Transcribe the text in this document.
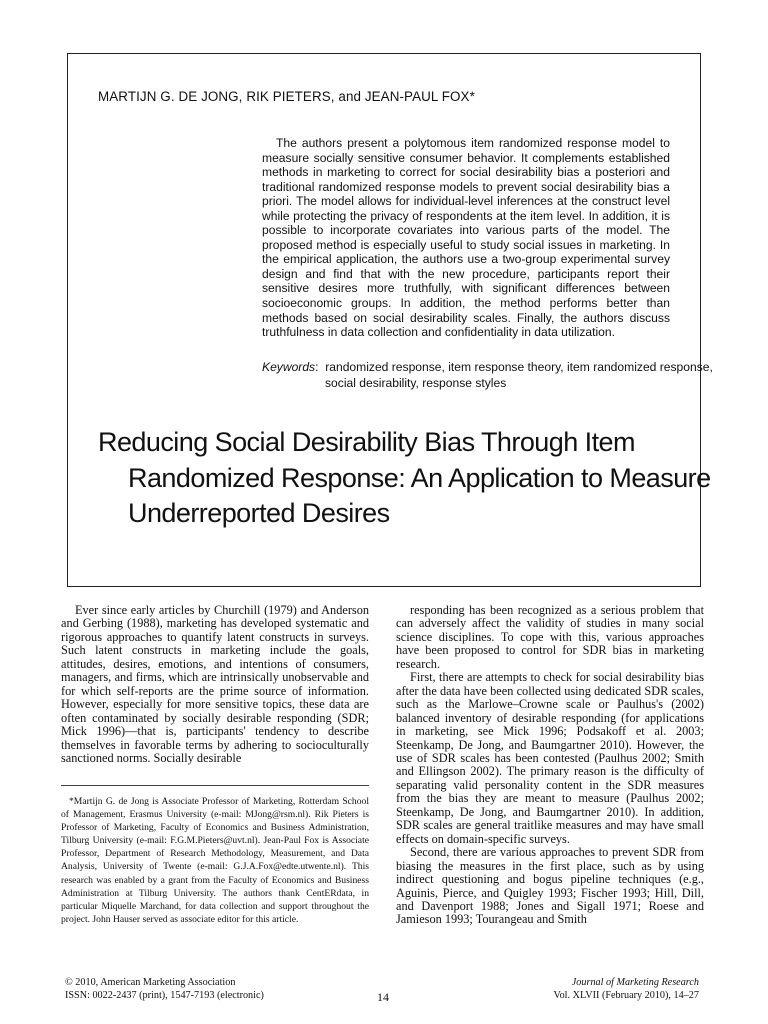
MARTIJN G. DE JONG, RIK PIETERS, and JEAN-PAUL FOX*

The authors present a polytomous item randomized response model to measure socially sensitive consumer behavior. It complements established methods in marketing to correct for social desirability bias a posteriori and traditional randomized response models to prevent social desirability bias a priori. The model allows for individual-level inferences at the construct level while protecting the privacy of respondents at the item level. In addition, it is possible to incorporate covariates into various parts of the model. The proposed method is especially useful to study social issues in marketing. In the empirical application, the authors use a two-group experimental survey design and find that with the new procedure, participants report their sensitive desires more truthfully, with significant differences between socioeconomic groups. In addition, the method performs better than methods based on social desirability scales. Finally, the authors discuss truthfulness in data collection and confidentiality in data utilization.

Keywords: randomized response, item response theory, item randomized response, social desirability, response styles

Reducing Social Desirability Bias Through Item Randomized Response: An Application to Measure Underreported Desires

Ever since early articles by Churchill (1979) and Anderson and Gerbing (1988), marketing has developed systematic and rigorous approaches to quantify latent constructs in surveys. Such latent constructs in marketing include the goals, attitudes, desires, emotions, and intentions of consumers, managers, and firms, which are intrinsically unobservable and for which self-reports are the prime source of information. However, especially for more sensitive topics, these data are often contaminated by socially desirable responding (SDR; Mick 1996)—that is, participants' tendency to describe themselves in favorable terms by adhering to socioculturally sanctioned norms. Socially desirable

responding has been recognized as a serious problem that can adversely affect the validity of studies in many social science disciplines. To cope with this, various approaches have been proposed to control for SDR bias in marketing research.

First, there are attempts to check for social desirability bias after the data have been collected using dedicated SDR scales, such as the Marlowe–Crowne scale or Paulhus's (2002) balanced inventory of desirable responding (for applications in marketing, see Mick 1996; Podsakoff et al. 2003; Steenkamp, De Jong, and Baumgartner 2010). However, the use of SDR scales has been contested (Paulhus 2002; Smith and Ellingson 2002). The primary reason is the difficulty of separating valid personality content in the SDR measures from the bias they are meant to measure (Paulhus 2002; Steenkamp, De Jong, and Baumgartner 2010). In addition, SDR scales are general traitlike measures and may have small effects on domain-specific surveys.

Second, there are various approaches to prevent SDR from biasing the measures in the first place, such as by using indirect questioning and bogus pipeline techniques (e.g., Aguinis, Pierce, and Quigley 1993; Fischer 1993; Hill, Dill, and Davenport 1988; Jones and Sigall 1971; Roese and Jamieson 1993; Tourangeau and Smith

*Martijn G. de Jong is Associate Professor of Marketing, Rotterdam School of Management, Erasmus University (e-mail: MJong@rsm.nl). Rik Pieters is Professor of Marketing, Faculty of Economics and Business Administration, Tilburg University (e-mail: F.G.M.Pieters@uvt.nl). Jean-Paul Fox is Associate Professor, Department of Research Methodology, Measurement, and Data Analysis, University of Twente (e-mail: G.J.A.Fox@edte.utwente.nl). This research was enabled by a grant from the Faculty of Economics and Business Administration at Tilburg University. The authors thank CentERdata, in particular Miquelle Marchand, for data collection and support throughout the project. John Hauser served as associate editor for this article.

© 2010, American Marketing Association
ISSN: 0022-2437 (print), 1547-7193 (electronic)	14
Journal of Marketing Research
Vol. XLVII (February 2010), 14–27
